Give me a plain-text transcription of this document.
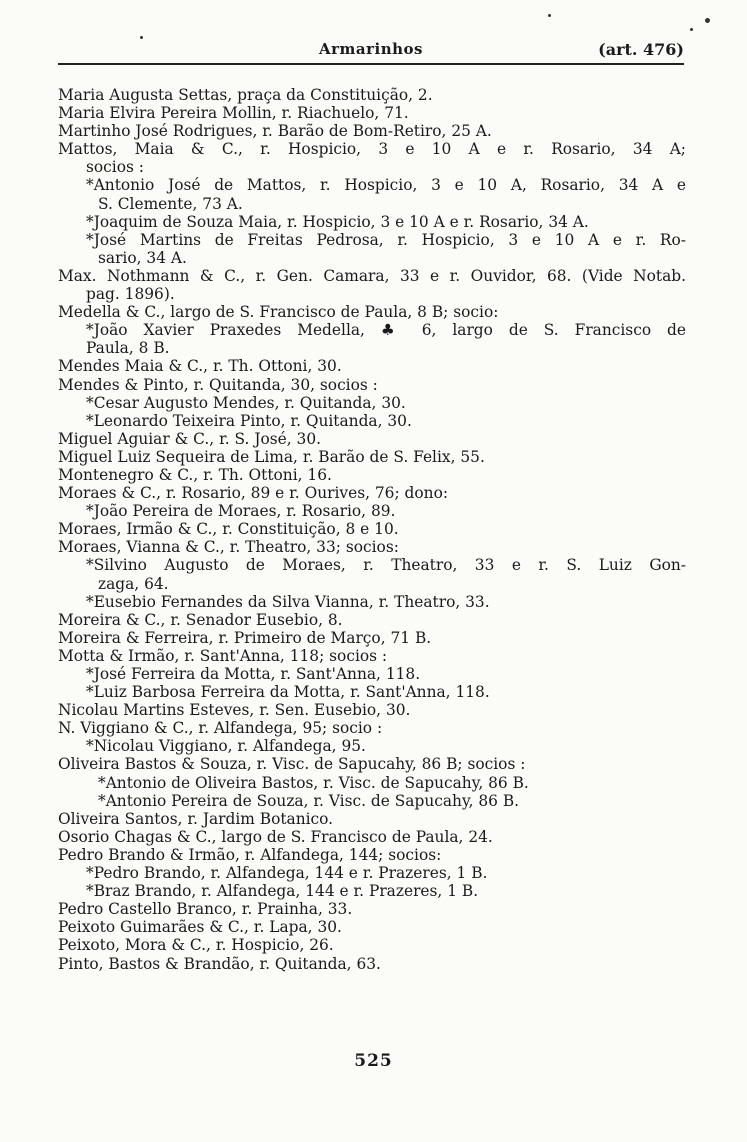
Armarinhos	(art. 476)
Maria Augusta Settas, praça da Constituição, 2.
Maria Elvira Pereira Mollin, r. Riachuelo, 71.
Martinho José Rodrigues, r. Barão de Bom-Retiro, 25 A.
Mattos, Maia & C., r. Hospicio, 3 e 10 A e r. Rosario, 34 A;
socios :
*Antonio José de Mattos, r. Hospicio, 3 e 10 A, Rosario, 34 A e
S. Clemente, 73 A.
*Joaquim de Souza Maia, r. Hospicio, 3 e 10 A e r. Rosario, 34 A.
*José Martins de Freitas Pedrosa, r. Hospicio, 3 e 10 A e r. Ro-
sario, 34 A.
Max. Nothmann & C., r. Gen. Camara, 33 e r. Ouvidor, 68. (Vide Notab.
pag. 1896).
Medella & C., largo de S. Francisco de Paula, 8 B; socio:
*João Xavier Praxedes Medella, ♣ 6, largo de S. Francisco de
Paula, 8 B.
Mendes Maia & C., r. Th. Ottoni, 30.
Mendes & Pinto, r. Quitanda, 30, socios :
*Cesar Augusto Mendes, r. Quitanda, 30.
*Leonardo Teixeira Pinto, r. Quitanda, 30.
Miguel Aguiar & C., r. S. José, 30.
Miguel Luiz Sequeira de Lima, r. Barão de S. Felix, 55.
Montenegro & C., r. Th. Ottoni, 16.
Moraes & C., r. Rosario, 89 e r. Ourives, 76; dono:
*João Pereira de Moraes, r. Rosario, 89.
Moraes, Irmão & C., r. Constituição, 8 e 10.
Moraes, Vianna & C., r. Theatro, 33; socios:
*Silvino Augusto de Moraes, r. Theatro, 33 e r. S. Luiz Gon-
zaga, 64.
*Eusebio Fernandes da Silva Vianna, r. Theatro, 33.
Moreira & C., r. Senador Eusebio, 8.
Moreira & Ferreira, r. Primeiro de Março, 71 B.
Motta & Irmão, r. Sant'Anna, 118; socios :
*José Ferreira da Motta, r. Sant'Anna, 118.
*Luiz Barbosa Ferreira da Motta, r. Sant'Anna, 118.
Nicolau Martins Esteves, r. Sen. Eusebio, 30.
N. Viggiano & C., r. Alfandega, 95; socio :
*Nicolau Viggiano, r. Alfandega, 95.
Oliveira Bastos & Souza, r. Visc. de Sapucahy, 86 B; socios :
*Antonio de Oliveira Bastos, r. Visc. de Sapucahy, 86 B.
*Antonio Pereira de Souza, r. Visc. de Sapucahy, 86 B.
Oliveira Santos, r. Jardim Botanico.
Osorio Chagas & C., largo de S. Francisco de Paula, 24.
Pedro Brando & Irmão, r. Alfandega, 144; socios:
*Pedro Brando, r. Alfandega, 144 e r. Prazeres, 1 B.
*Braz Brando, r. Alfandega, 144 e r. Prazeres, 1 B.
Pedro Castello Branco, r. Prainha, 33.
Peixoto Guimarães & C., r. Lapa, 30.
Peixoto, Mora & C., r. Hospicio, 26.
Pinto, Bastos & Brandão, r. Quitanda, 63.
525
